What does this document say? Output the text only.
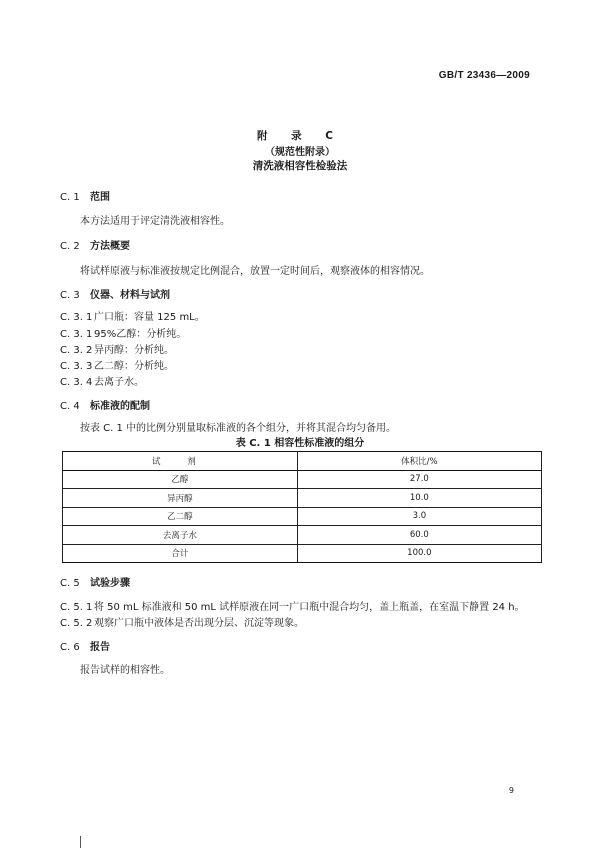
GB/T 23436—2009
附 录 C
（规范性附录）
清洗液相容性检验法
C. 1 范围
本方法适用于评定清洗液相容性。
C. 2 方法概要
将试样原液与标准液按规定比例混合，放置一定时间后，观察液体的相容情况。
C. 3 仪器、材料与试剂
C. 3. 1 广口瓶：容量 125 mL。
C. 3. 1 95%乙醇：分析纯。
C. 3. 2 异丙醇：分析纯。
C. 3. 3 乙二醇：分析纯。
C. 3. 4 去离子水。
C. 4 标准液的配制
按表 C. 1 中的比例分别量取标准液的各个组分，并将其混合均匀备用。
表 C. 1 相容性标准液的组分
试 剂	体积比/%
乙醇	27.0
异丙醇	10.0
乙二醇	3.0
去离子水	60.0
合计	100.0
C. 5 试验步骤
C. 5. 1 将 50 mL 标准液和 50 mL 试样原液在同一广口瓶中混合均匀，盖上瓶盖，在室温下静置 24 h。
C. 5. 2 观察广口瓶中液体是否出现分层、沉淀等现象。
C. 6 报告
报告试样的相容性。
9
